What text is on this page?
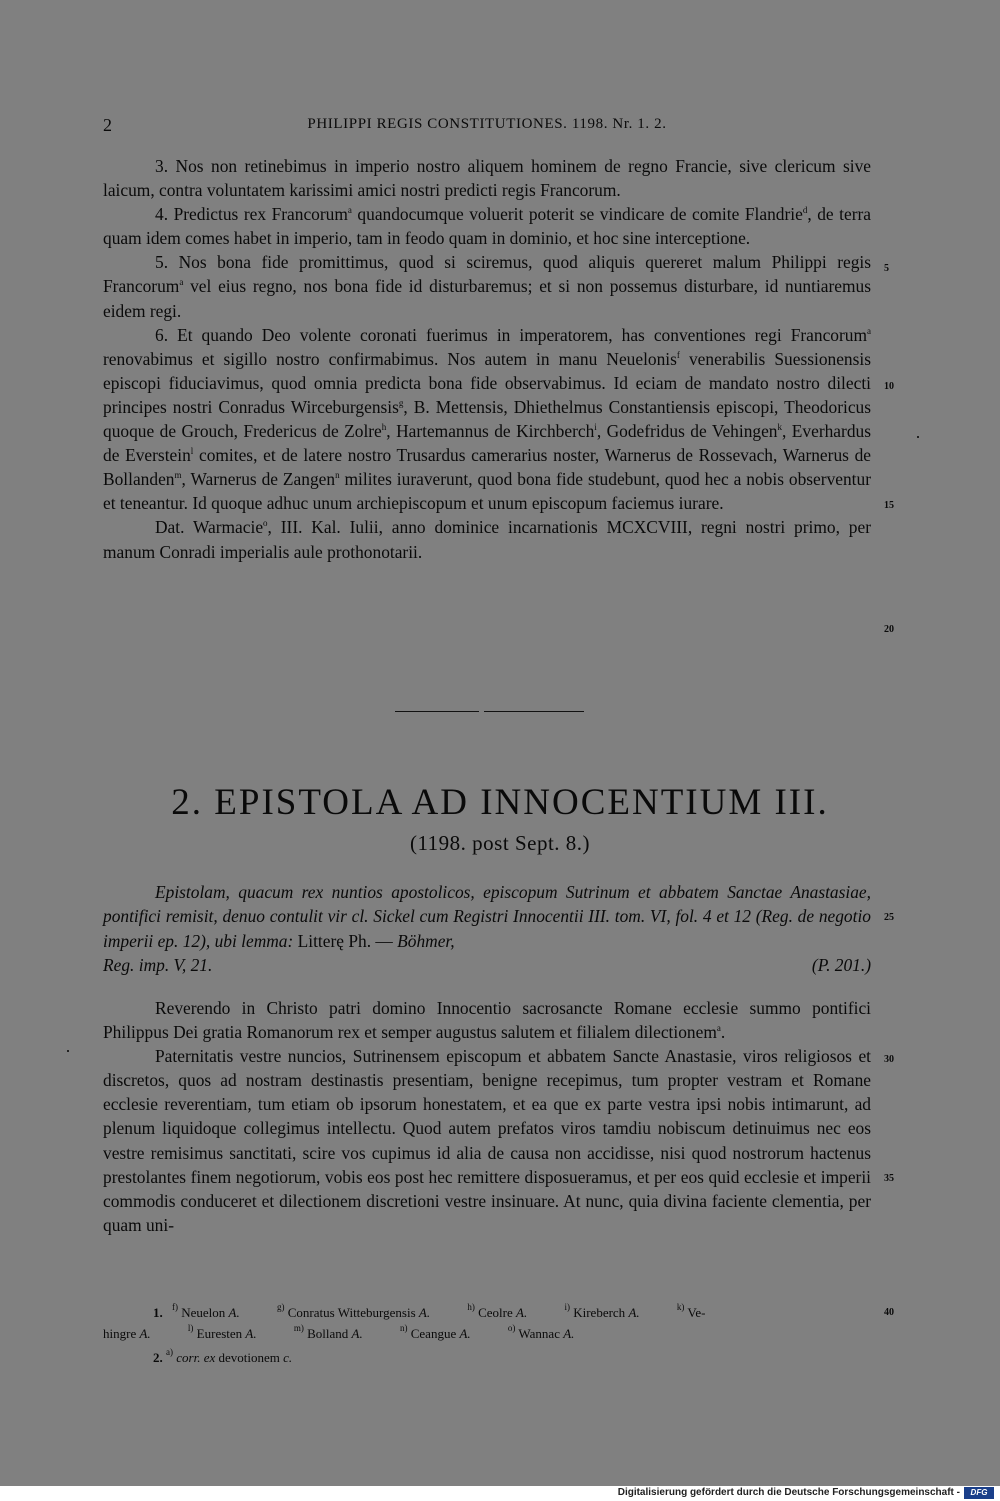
2	PHILIPPI REGIS CONSTITUTIONES. 1198. Nr. 1. 2.

3. Nos non retinebimus in imperio nostro aliquem hominem de regno Francie, sive clericum sive laicum, contra voluntatem karissimi amici nostri predicti regis Francorum.

4. Predictus rex Francorum$^a$ quandocumque voluerit poterit se vindicare de comite Flandrie$^d$, de terra quam idem comes habet in imperio, tam in feodo quam in dominio, et hoc sine interceptione.

5. Nos bona fide promittimus, quod si sciremus, quod aliquis quereret malum Philippi regis Francorum$^a$ vel eius regno, nos bona fide id disturbaremus; et si non possemus disturbare, id nuntiaremus eidem regi.

6. Et quando Deo volente coronati fuerimus in imperatorem, has conventiones regi Francorum$^a$ renovabimus et sigillo nostro confirmabimus. Nos autem in manu Neuelonis$^f$ venerabilis Suessionensis episcopi fiduciavimus, quod omnia predicta bona fide observabimus. Id eciam de mandato nostro dilecti principes nostri Conradus Wirceburgensis$^g$, B. Mettensis, Dhiethelmus Constantiensis episcopi, Theodoricus quoque de Grouch, Fredericus de Zolre$^h$, Hartemannus de Kirchberch$^i$, Godefridus de Vehingen$^k$, Everhardus de Everstein$^l$ comites, et de latere nostro Trusardus camerarius noster, Warnerus de Rossevach, Warnerus de Bollanden$^m$, Warnerus de Zangen$^n$ milites iuraverunt, quod bona fide studebunt, quod hec a nobis observentur et teneantur. Id quoque adhuc unum archiepiscopum et unum episcopum faciemus iurare.

Dat. Warmacie$^o$, III. Kal. Iulii, anno dominice incarnationis MCXCVIII, regni nostri primo, per manum Conradi imperialis aule prothonotarii.

5
10
15
20
25
30
35
40
2. EPISTOLA AD INNOCENTIUM III.
(1198. post Sept. 8.)

Epistolam, quacum rex nuntios apostolicos, episcopum Sutrinum et abbatem Sanctae Anastasiae, pontifici remisit, denuo contulit vir cl. Sickel cum Registri Innocentii III. tom. VI, fol. 4 et 12 (Reg. de negotio imperii ep. 12), ubi lemma: Litterę Ph. — Böhmer,

Reg. imp. V, 21.	(P. 201.)

Reverendo in Christo patri domino Innocentio sacrosancte Romane ecclesie summo pontifici Philippus Dei gratia Romanorum rex et semper augustus salutem et filialem dilectionem$^a$.

Paternitatis vestre nuncios, Sutrinensem episcopum et abbatem Sancte Anastasie, viros religiosos et discretos, quos ad nostram destinastis presentiam, benigne recepimus, tum propter vestram et Romane ecclesie reverentiam, tum etiam ob ipsorum honestatem, et ea que ex parte vestra ipsi nobis intimarunt, ad plenum liquidoque collegimus intellectu. Quod autem prefatos viros tamdiu nobiscum detinuimus nec eos vestre remisimus sanctitati, scire vos cupimus id alia de causa non accidisse, nisi quod nostrorum hactenus prestolantes finem negotiorum, vobis eos post hec remittere disposueramus, et per eos quid ecclesie et imperii commodis conduceret et dilectionem discretioni vestre insinuare. At nunc, quia divina faciente clementia, per quam uni-

1. $^{f)}$ Neuelon A.	$^{g)}$ Conratus Witteburgensis A.	$^{h)}$ Ceolre A.	$^{i)}$ Kireberch A.	$^{k)}$ Ve-

hingre A.	$^{l)}$ Euresten A.	$^{m)}$ Bolland A.	$^{n)}$ Ceangue A.	$^{o)}$ Wannac A.

2. $^{a)}$ corr. ex devotionem c.

Digitalisierung gefördert durch die Deutsche Forschungsgemeinschaft -	DFG
